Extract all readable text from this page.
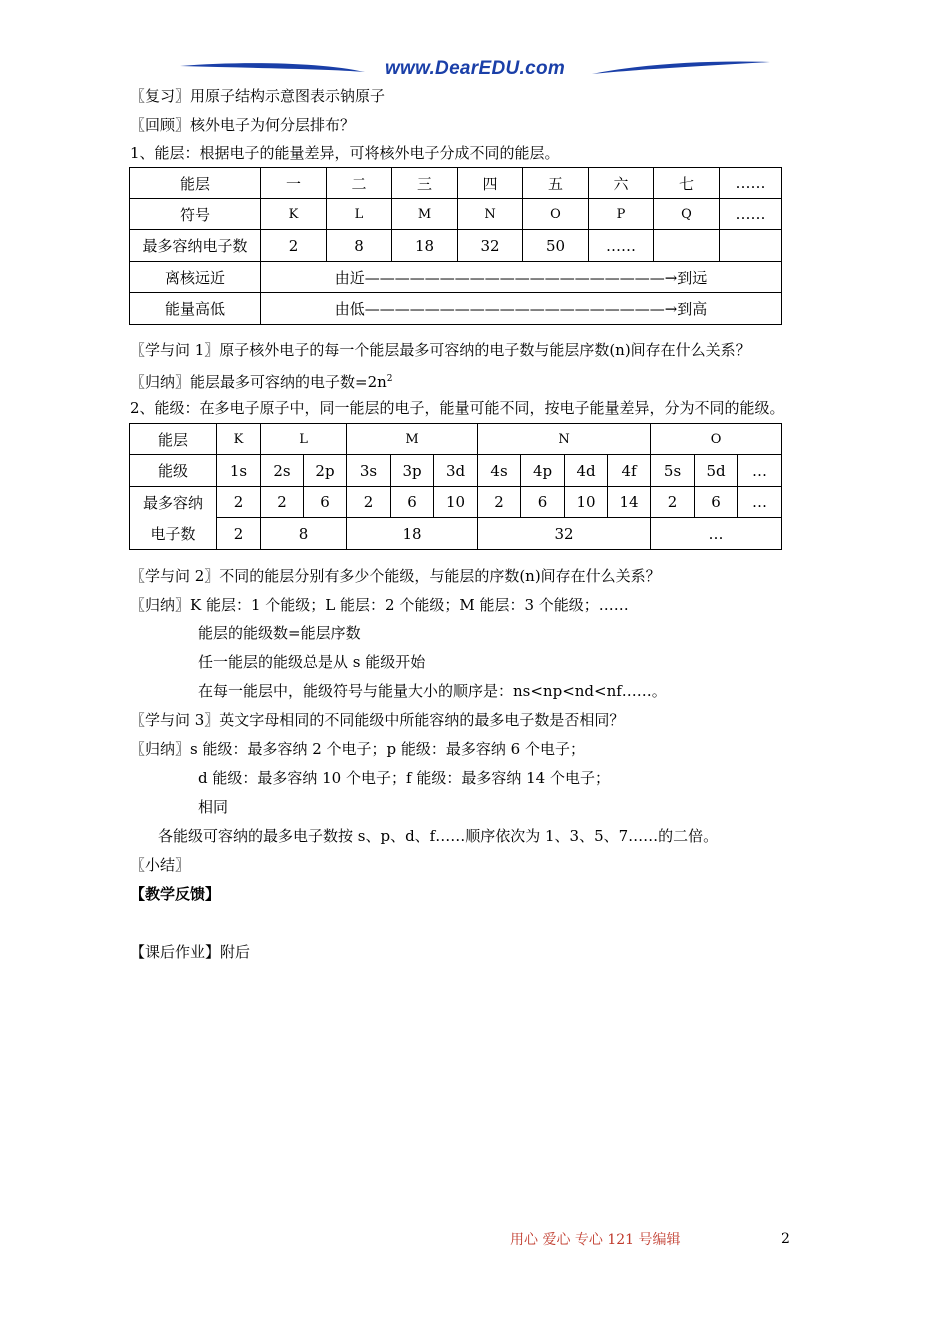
www.DearEDU.com
〖复习〗用原子结构示意图表示钠原子
〖回顾〗核外电子为何分层排布？
1、能层：根据电子的能量差异，可将核外电子分成不同的能层。
能层	一	二	三	四	五	六	七	……
符号	K	L	M	N	O	P	Q	……
最多容纳电子数	2	8	18	32	50	……		
离核远近	由近————————————————————→到远							
能量高低	由低————————————————————→到高							
〖学与问 1〗原子核外电子的每一个能层最多可容纳的电子数与能层序数(n)间存在什么关系？
〖归纳〗能层最多可容纳的电子数$=2n^2$
2、能级：在多电子原子中，同一能层的电子，能量可能不同，按电子能量差异，分为不同的能级。
能层	K	L		M			N				O		
能级	1s	2s	2p	3s	3p	3d	4s	4p	4d	4f	5s	5d	…
最多容纳	2	2	6	2	6	10	2	6	10	14	2	6	…
电子数	2	8		18			32				…		
〖学与问 2〗不同的能层分别有多少个能级，与能层的序数(n)间存在什么关系？
〖归纳〗K 能层：1 个能级；L 能层：2 个能级；M 能层：3 个能级；……
能层的能级数=能层序数
任一能层的能级总是从 s 能级开始
在每一能层中，能级符号与能量大小的顺序是：ns<np<nd<nf……。
〖学与问 3〗英文字母相同的不同能级中所能容纳的最多电子数是否相同？
〖归纳〗s 能级：最多容纳 2 个电子；p 能级：最多容纳 6 个电子；
d 能级：最多容纳 10 个电子；f 能级：最多容纳 14 个电子；
相同
各能级可容纳的最多电子数按 s、p、d、f……顺序依次为 1、3、5、7……的二倍。
〖小结〗
【教学反馈】
【课后作业】附后
用心 爱心 专心 121 号编辑	2
